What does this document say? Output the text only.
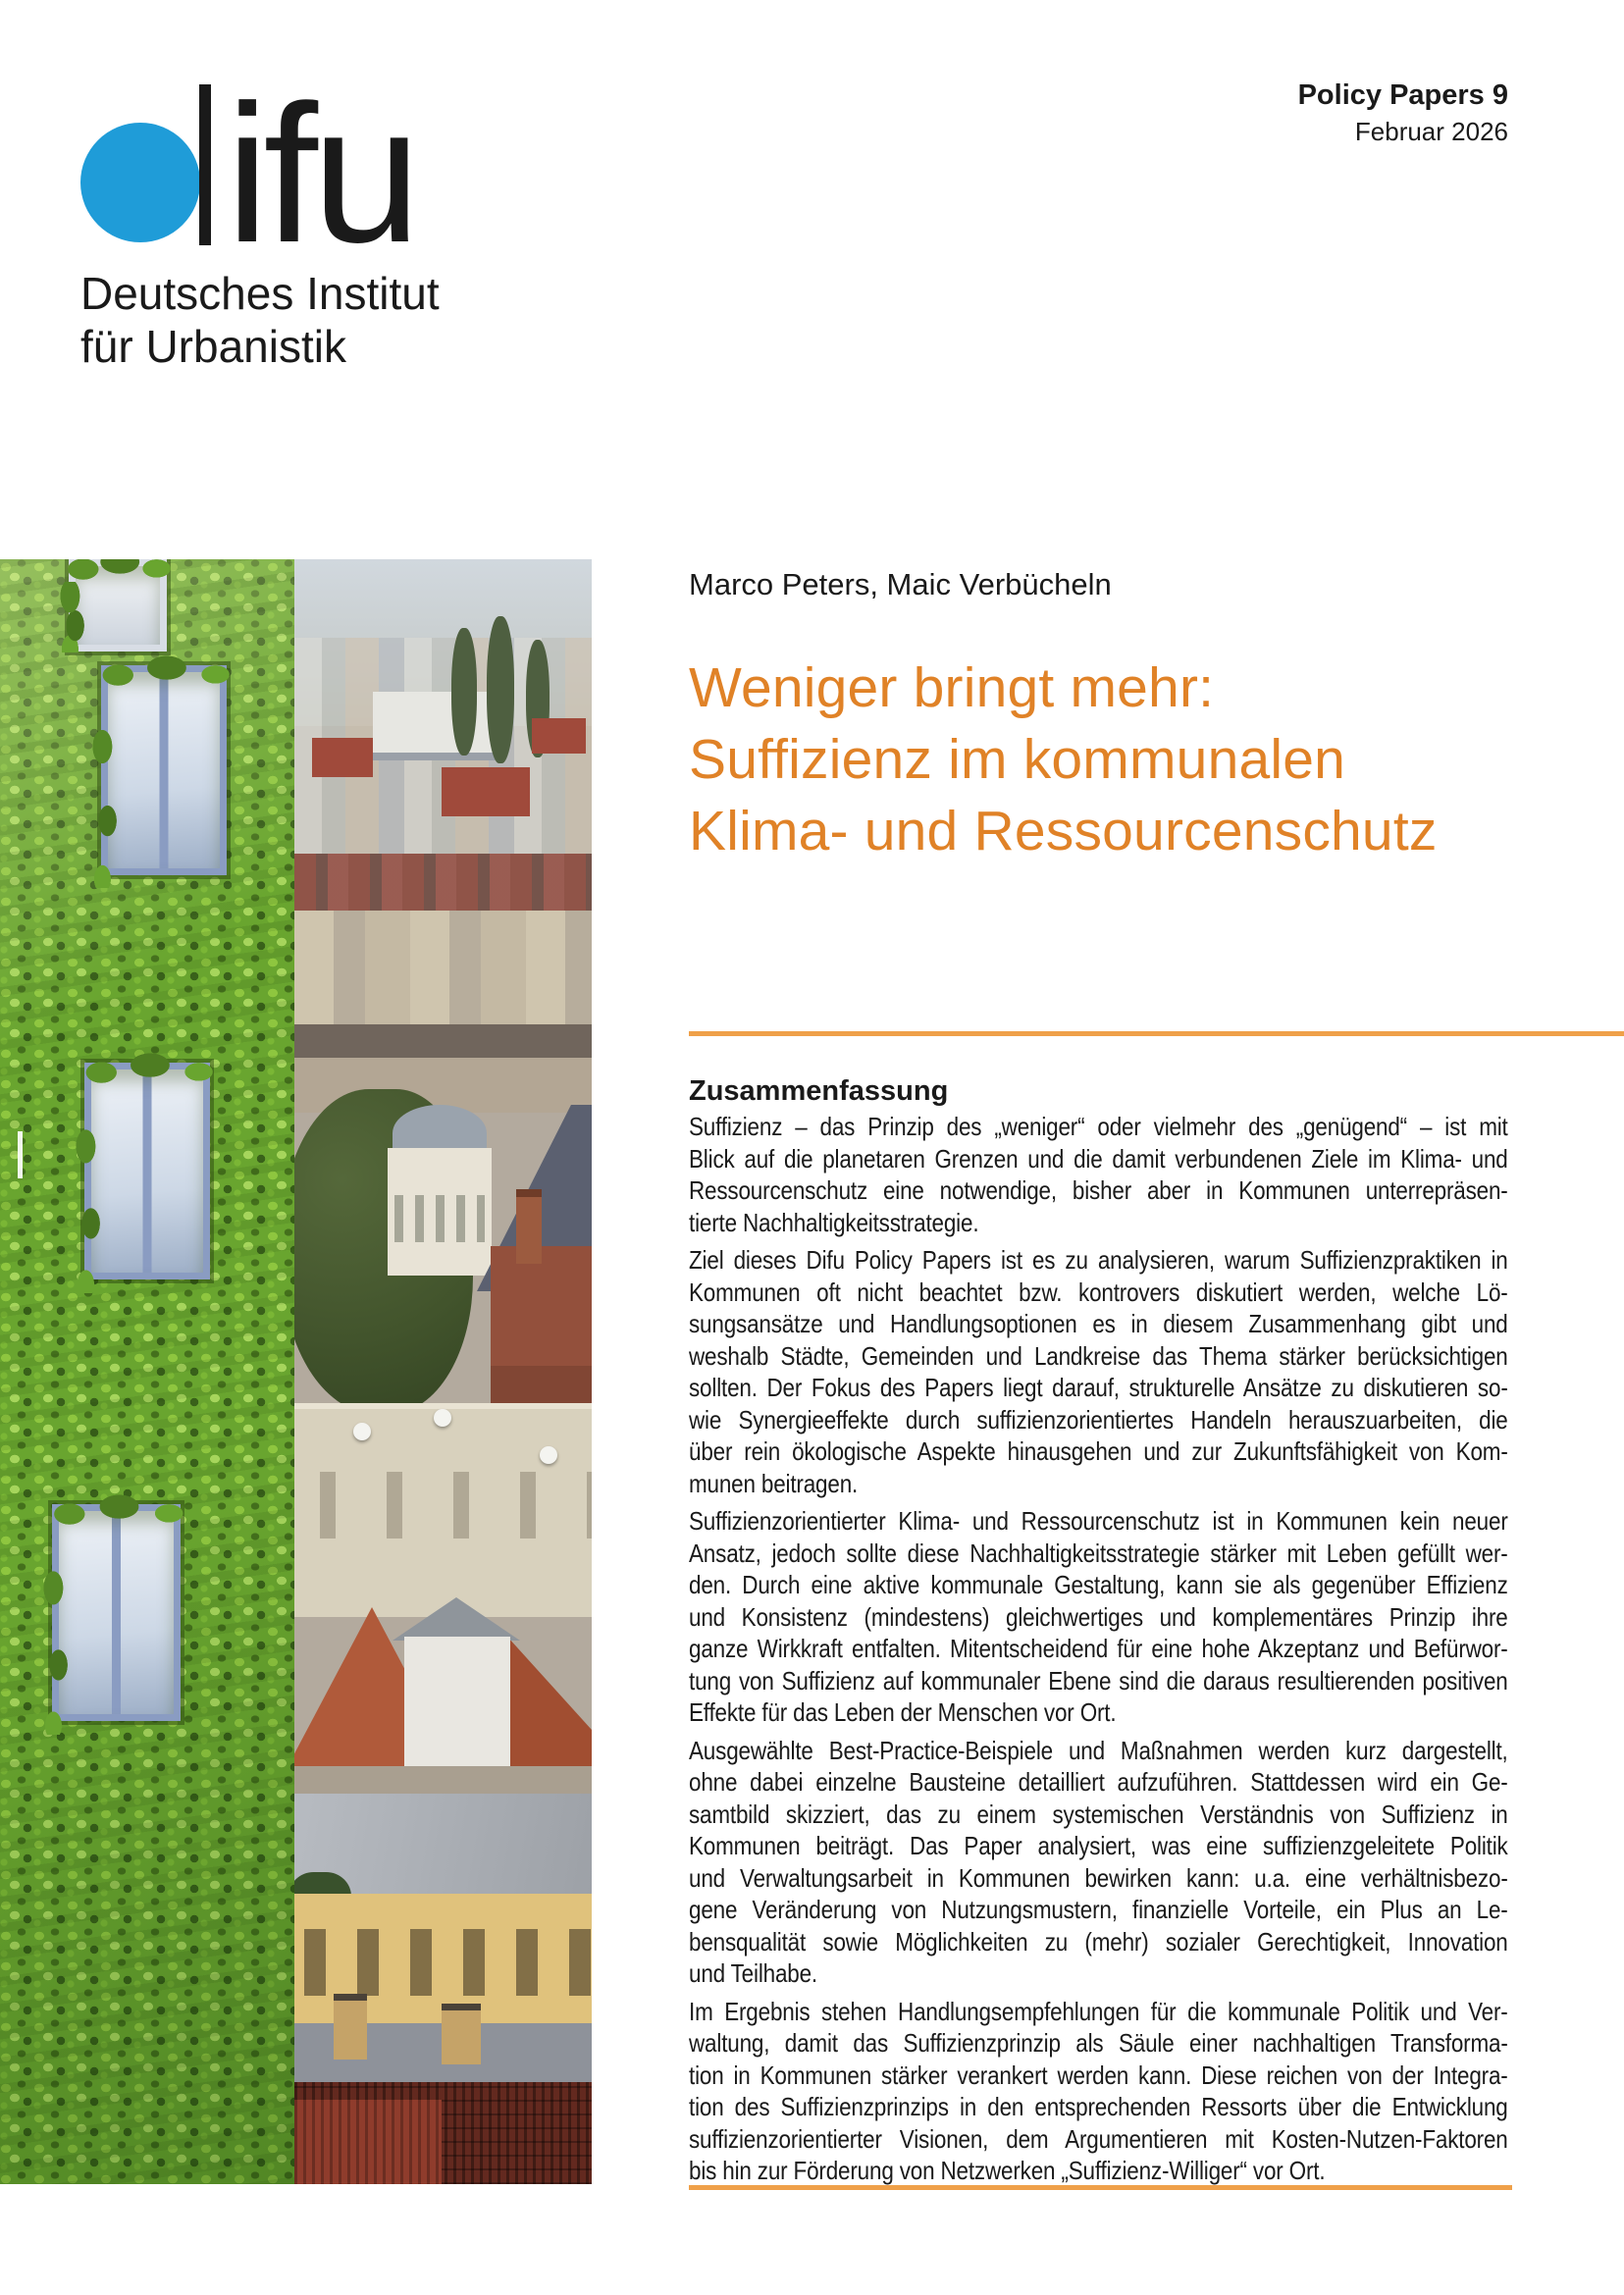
Policy Papers 9
Februar 2026
ifu
Deutsches Institut
für Urbanistik
Marco Peters, Maic Verbücheln
Weniger bringt mehr:
Suffizienz im kommunalen
Klima- und Ressourcenschutz
Zusammenfassung
Suffizienz – das Prinzip des „weniger“ oder vielmehr des „genügend“ – ist mit
Blick auf die planetaren Grenzen und die damit verbundenen Ziele im Klima- und
Ressourcenschutz eine notwendige, bisher aber in Kommunen unterrepräsen-
tierte Nachhaltigkeitsstrategie.
Ziel dieses Difu Policy Papers ist es zu analysieren, warum Suffizienzpraktiken in
Kommunen oft nicht beachtet bzw. kontrovers diskutiert werden, welche Lö-
sungsansätze und Handlungsoptionen es in diesem Zusammenhang gibt und
weshalb Städte, Gemeinden und Landkreise das Thema stärker berücksichtigen
sollten. Der Fokus des Papers liegt darauf, strukturelle Ansätze zu diskutieren so-
wie Synergieeffekte durch suffizienzorientiertes Handeln herauszuarbeiten, die
über rein ökologische Aspekte hinausgehen und zur Zukunftsfähigkeit von Kom-
munen beitragen.
Suffizienzorientierter Klima- und Ressourcenschutz ist in Kommunen kein neuer
Ansatz, jedoch sollte diese Nachhaltigkeitsstrategie stärker mit Leben gefüllt wer-
den. Durch eine aktive kommunale Gestaltung, kann sie als gegenüber Effizienz
und Konsistenz (mindestens) gleichwertiges und komplementäres Prinzip ihre
ganze Wirkkraft entfalten. Mitentscheidend für eine hohe Akzeptanz und Befürwor-
tung von Suffizienz auf kommunaler Ebene sind die daraus resultierenden positiven
Effekte für das Leben der Menschen vor Ort.
Ausgewählte Best-Practice-Beispiele und Maßnahmen werden kurz dargestellt,
ohne dabei einzelne Bausteine detailliert aufzuführen. Stattdessen wird ein Ge-
samtbild skizziert, das zu einem systemischen Verständnis von Suffizienz in
Kommunen beiträgt. Das Paper analysiert, was eine suffizienzgeleitete Politik
und Verwaltungsarbeit in Kommunen bewirken kann: u.a. eine verhältnisbezo-
gene Veränderung von Nutzungsmustern, finanzielle Vorteile, ein Plus an Le-
bensqualität sowie Möglichkeiten zu (mehr) sozialer Gerechtigkeit, Innovation
und Teilhabe.
Im Ergebnis stehen Handlungsempfehlungen für die kommunale Politik und Ver-
waltung, damit das Suffizienzprinzip als Säule einer nachhaltigen Transforma-
tion in Kommunen stärker verankert werden kann. Diese reichen von der Integra-
tion des Suffizienzprinzips in den entsprechenden Ressorts über die Entwicklung
suffizienzorientierter Visionen, dem Argumentieren mit Kosten-Nutzen-Faktoren
bis hin zur Förderung von Netzwerken „Suffizienz-Williger“ vor Ort.
